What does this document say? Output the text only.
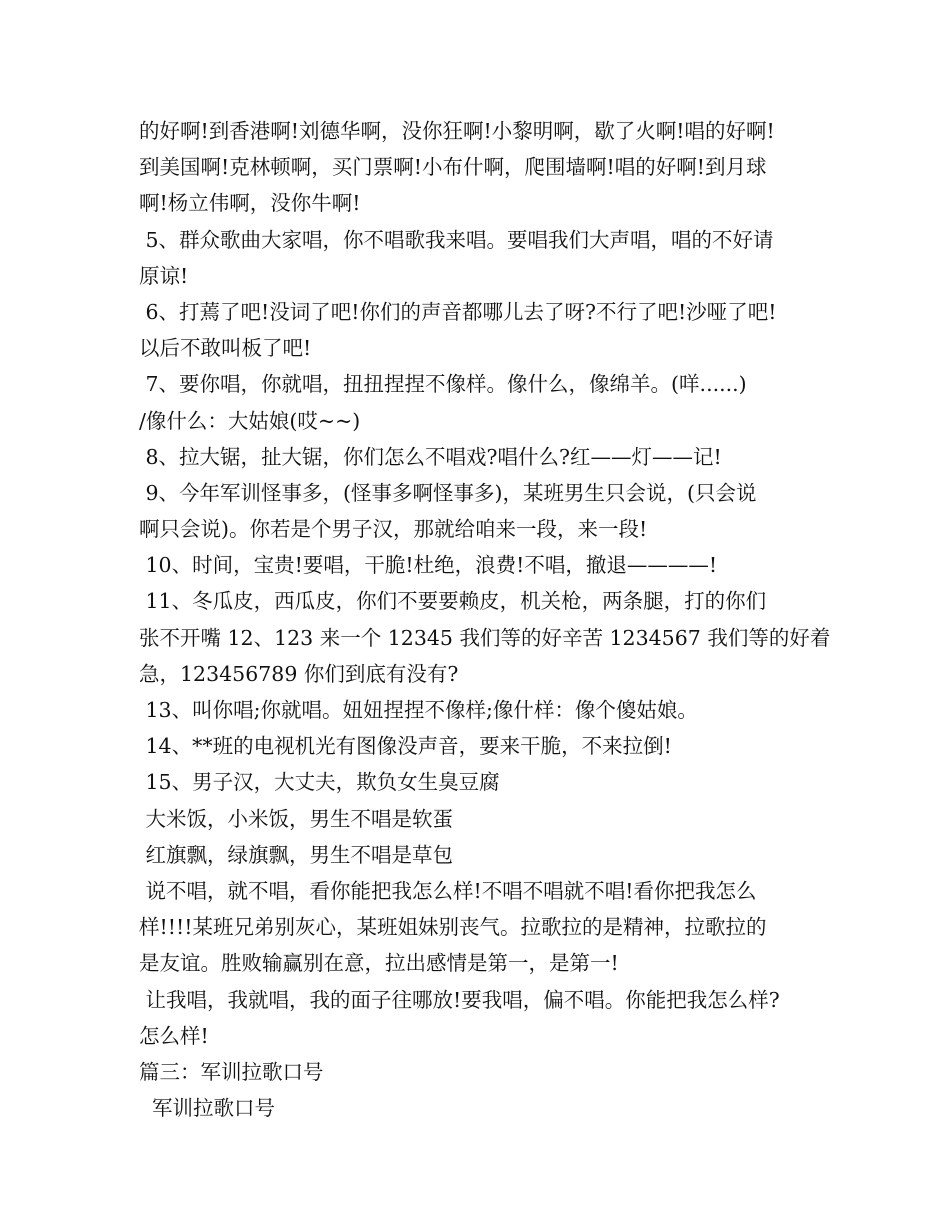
的好啊!到香港啊!刘德华啊，没你狂啊!小黎明啊，歇了火啊!唱的好啊!
到美国啊!克林顿啊，买门票啊!小布什啊，爬围墙啊!唱的好啊!到月球
啊!杨立伟啊，没你牛啊!
5、群众歌曲大家唱，你不唱歌我来唱。要唱我们大声唱，唱的不好请
原谅!
6、打蔫了吧!没词了吧!你们的声音都哪儿去了呀?不行了吧!沙哑了吧!
以后不敢叫板了吧!
7、要你唱，你就唱，扭扭捏捏不像样。像什么，像绵羊。(咩......)
/像什么：大姑娘(哎~~)
8、拉大锯，扯大锯，你们怎么不唱戏?唱什么?红——灯——记!
9、今年军训怪事多，(怪事多啊怪事多)，某班男生只会说，(只会说
啊只会说)。你若是个男子汉，那就给咱来一段，来一段!
10、时间，宝贵!要唱，干脆!杜绝，浪费!不唱，撤退————!
11、冬瓜皮，西瓜皮，你们不要要赖皮，机关枪，两条腿，打的你们
张不开嘴 12、123 来一个 12345 我们等的好辛苦 1234567 我们等的好着
急，123456789 你们到底有没有?
13、叫你唱;你就唱。妞妞捏捏不像样;像什样：像个傻姑娘。
14、**班的电视机光有图像没声音，要来干脆，不来拉倒!
15、男子汉，大丈夫，欺负女生臭豆腐
大米饭，小米饭，男生不唱是软蛋
红旗飘，绿旗飘，男生不唱是草包
说不唱，就不唱，看你能把我怎么样!不唱不唱就不唱!看你把我怎么
样!!!!某班兄弟别灰心，某班姐妹别丧气。拉歌拉的是精神，拉歌拉的
是友谊。胜败输赢别在意，拉出感情是第一，是第一!
让我唱，我就唱，我的面子往哪放!要我唱，偏不唱。你能把我怎么样?
怎么样!
篇三：军训拉歌口号
军训拉歌口号
